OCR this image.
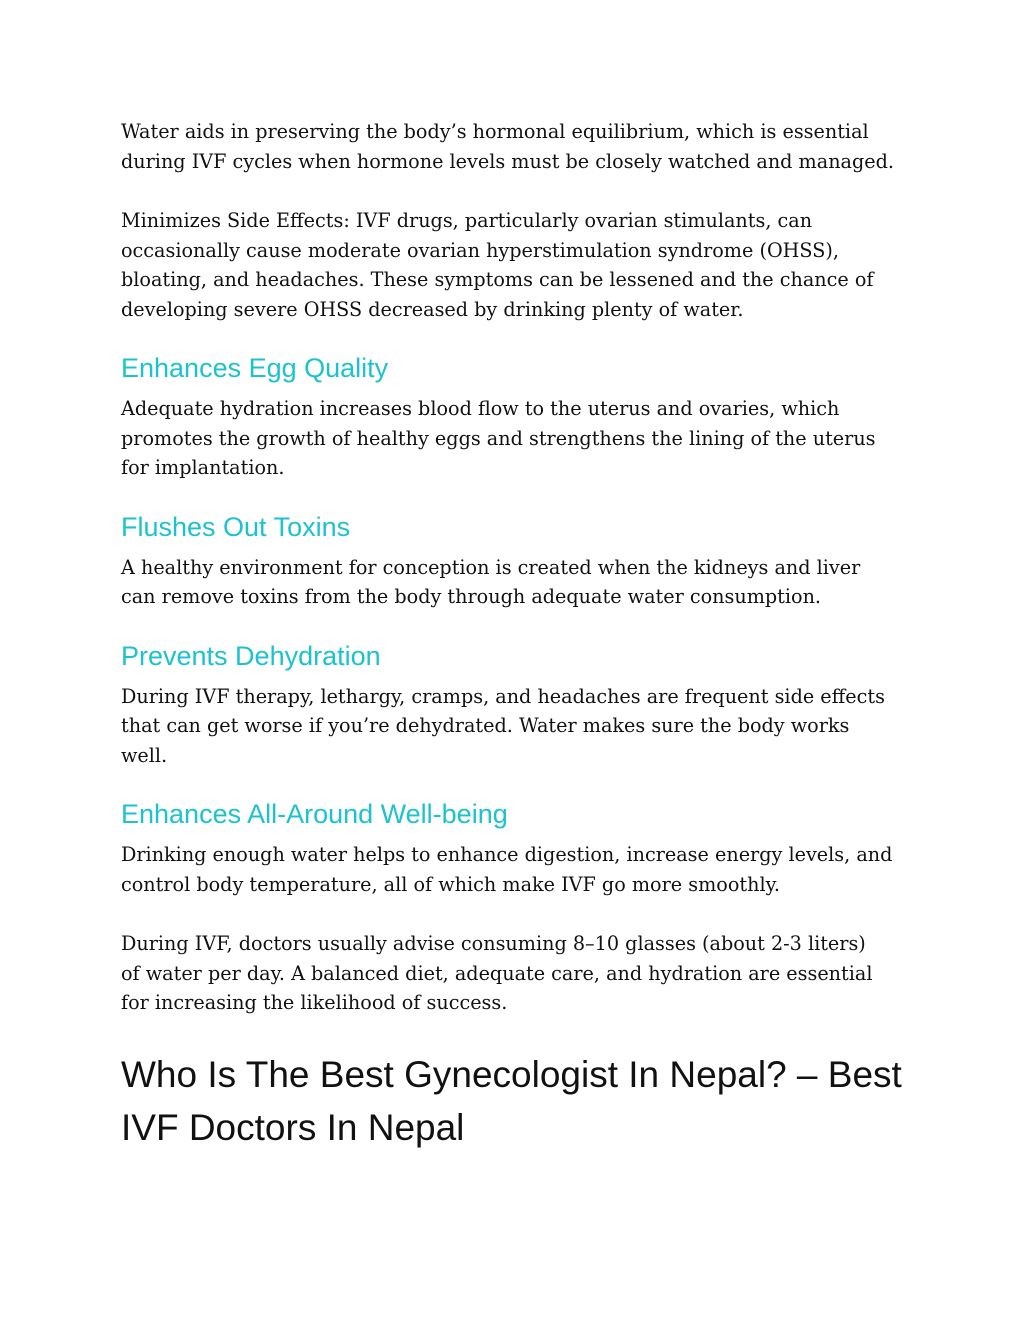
Water aids in preserving the body’s hormonal equilibrium, which is essential
during IVF cycles when hormone levels must be closely watched and managed.

Minimizes Side Effects: IVF drugs, particularly ovarian stimulants, can
occasionally cause moderate ovarian hyperstimulation syndrome (OHSS),
bloating, and headaches. These symptoms can be lessened and the chance of
developing severe OHSS decreased by drinking plenty of water.

Enhances Egg Quality

Adequate hydration increases blood flow to the uterus and ovaries, which
promotes the growth of healthy eggs and strengthens the lining of the uterus
for implantation.

Flushes Out Toxins

A healthy environment for conception is created when the kidneys and liver
can remove toxins from the body through adequate water consumption.

Prevents Dehydration

During IVF therapy, lethargy, cramps, and headaches are frequent side effects
that can get worse if you’re dehydrated. Water makes sure the body works
well.

Enhances All-Around Well-being

Drinking enough water helps to enhance digestion, increase energy levels, and
control body temperature, all of which make IVF go more smoothly.

During IVF, doctors usually advise consuming 8–10 glasses (about 2-3 liters)
of water per day. A balanced diet, adequate care, and hydration are essential
for increasing the likelihood of success.

Who Is The Best Gynecologist In Nepal? – Best
IVF Doctors In Nepal
